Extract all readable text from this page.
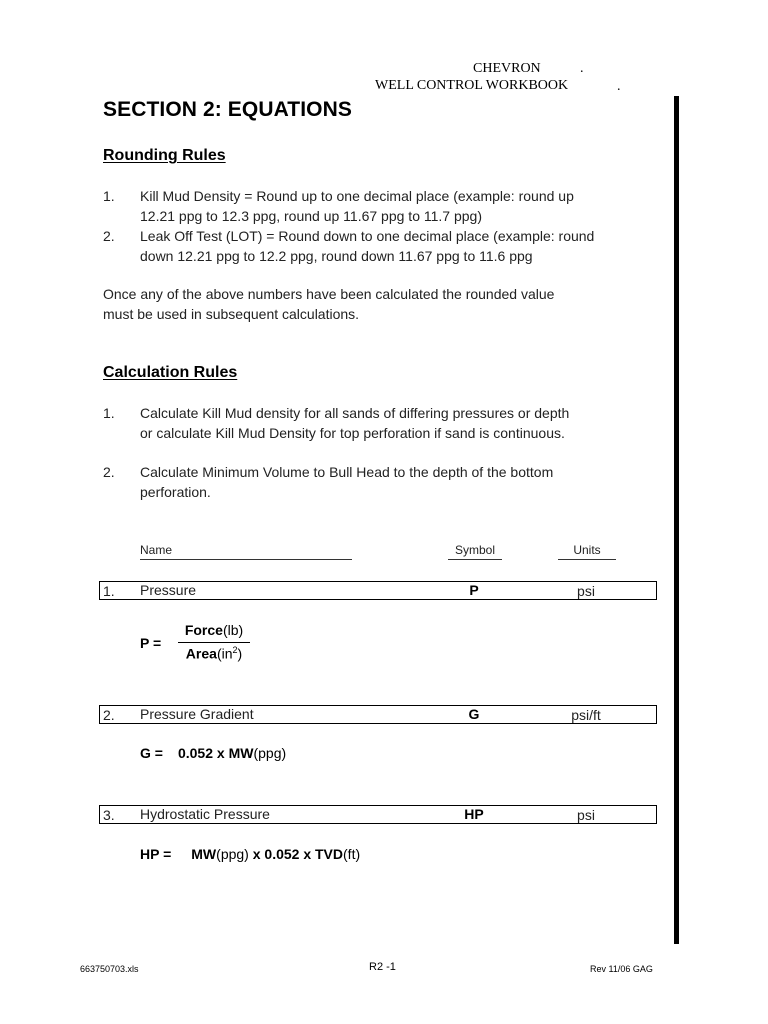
CHEVRON	.
WELL CONTROL WORKBOOK	.
SECTION 2: EQUATIONS
Rounding Rules
1. Kill Mud Density = Round up to one decimal place (example: round up
12.21 ppg to 12.3 ppg, round up 11.67 ppg to 11.7 ppg)
2. Leak Off Test (LOT) = Round down to one decimal place (example: round
down 12.21 ppg to 12.2 ppg, round down 11.67 ppg to 11.6 ppg
Once any of the above numbers have been calculated the rounded value
must be used in subsequent calculations.
Calculation Rules
1. Calculate Kill Mud density for all sands of differing pressures or depth
or calculate Kill Mud Density for top perforation if sand is continuous.
2. Calculate Minimum Volume to Bull Head to the depth of the bottom
perforation.
Name	Symbol	Units
1. Pressure	P	psi
P =
Force(lb)
$Area(in^2)$
2. Pressure Gradient	G	psi/ft
G = 0.052 x MW(ppg)
3. Hydrostatic Pressure	HP	psi
HP = MW(ppg) x 0.052 x TVD(ft)
663750703.xls	R2 -1	Rev 11/06 GAG
